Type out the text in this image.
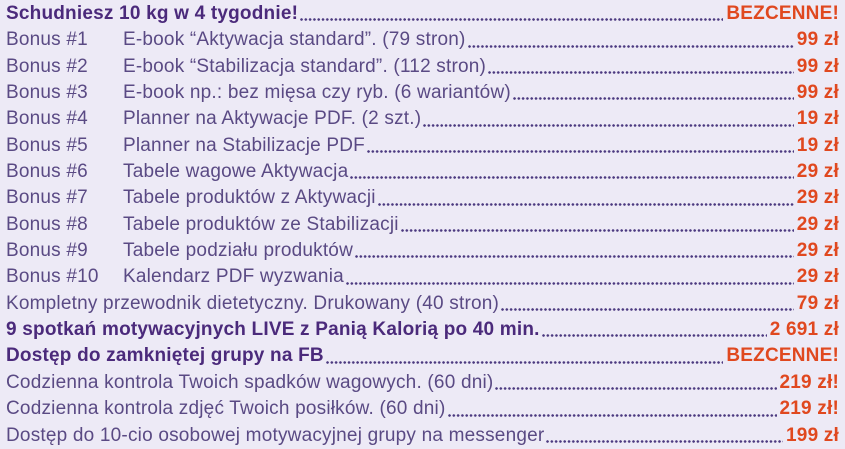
Schudniesz 10 kg w 4 tygodnie!	BEZCENNE!
Bonus #1	E-book “Aktywacja standard”. (79 stron)	99 zł
Bonus #2	E-book “Stabilizacja standard”. (112 stron)	99 zł
Bonus #3	E-book np.: bez mięsa czy ryb. (6 wariantów)	99 zł
Bonus #4	Planner na Aktywacje PDF. (2 szt.)	19 zł
Bonus #5	Planner na Stabilizacje PDF	19 zł
Bonus #6	Tabele wagowe Aktywacja	29 zł
Bonus #7	Tabele produktów z Aktywacji	29 zł
Bonus #8	Tabele produktów ze Stabilizacji	29 zł
Bonus #9	Tabele podziału produktów	29 zł
Bonus #10	Kalendarz PDF wyzwania	29 zł
Kompletny przewodnik dietetyczny. Drukowany (40 stron)	79 zł
9 spotkań motywacyjnych LIVE z Panią Kalorią po 40 min.	2 691 zł
Dostęp do zamkniętej grupy na FB	BEZCENNE!
Codzienna kontrola Twoich spadków wagowych. (60 dni)	219 zł!
Codzienna kontrola zdjęć Twoich posiłków. (60 dni)	219 zł!
Dostęp do 10-cio osobowej motywacyjnej grupy na messenger	199 zł
